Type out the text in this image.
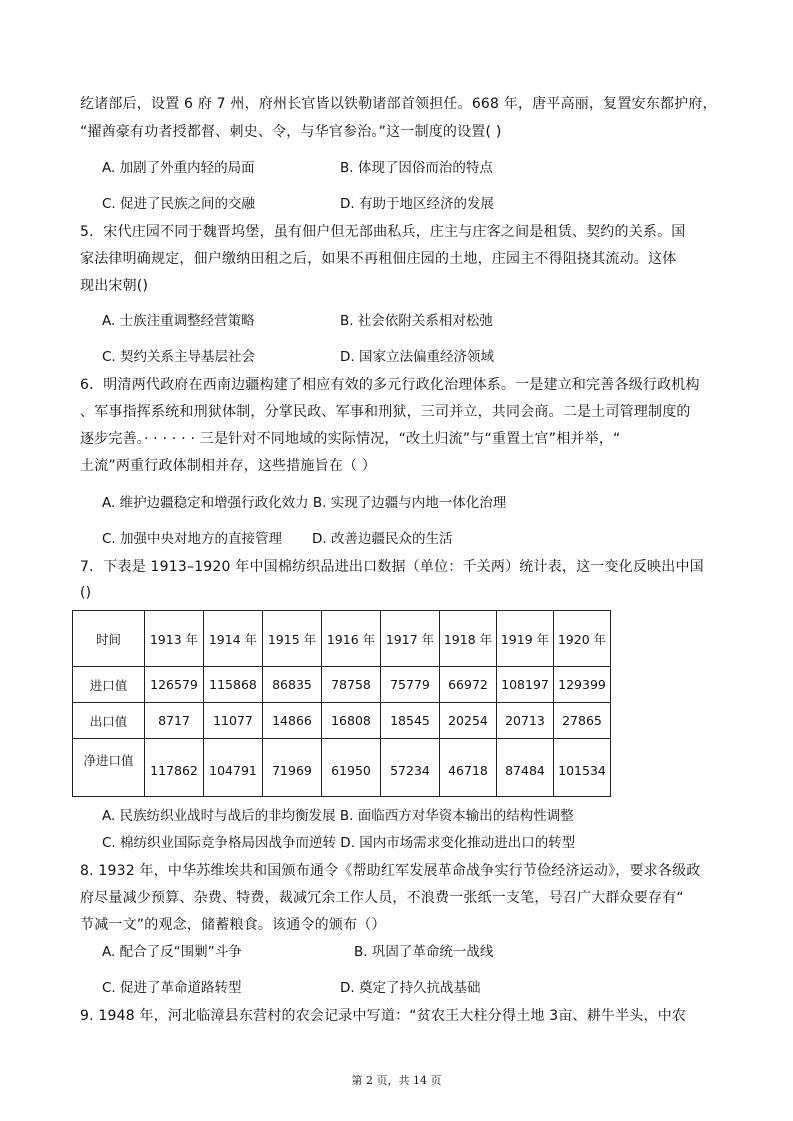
纥诸部后，设置 6 府 7 州，府州长官皆以铁勒诸部首领担任。668 年，唐平高丽，复置安东都护府，
“擢酋豪有功者授都督、刺史、令，与华官参治。”这一制度的设置( )
A. 加剧了外重内轻的局面	B. 体现了因俗而治的特点
C. 促进了民族之间的交融	D. 有助于地区经济的发展
5．宋代庄园不同于魏晋坞堡，虽有佃户但无部曲私兵，庄主与庄客之间是租赁、契约的关系。国
家法律明确规定，佃户缴纳田租之后，如果不再租佃庄园的土地，庄园主不得阻挠其流动。这体
现出宋朝()
A. 士族注重调整经营策略	B. 社会依附关系相对松弛
C. 契约关系主导基层社会	D. 国家立法偏重经济领域
6．明清两代政府在西南边疆构建了相应有效的多元行政化治理体系。一是建立和完善各级行政机构
、军事指挥系统和刑狱体制，分掌民政、军事和刑狱，三司并立，共同会商。二是土司管理制度的
逐步完善。· · · · · · 三是针对不同地域的实际情况，“改土归流”与“重置土官”相并举，“
土流”两重行政体制相并存，这些措施旨在（ ）
A. 维护边疆稳定和增强行政化效力 B. 实现了边疆与内地一体化治理
C. 加强中央对地方的直接管理 D. 改善边疆民众的生活
7．下表是 1913–1920 年中国棉纺织品进出口数据（单位：千关两）统计表，这一变化反映出中国
()
时间	1913 年	1914 年	1915 年	1916 年	1917 年	1918 年	1919 年	1920 年
进口值	126579	115868	86835	78758	75779	66972	108197	129399
出口值	8717	11077	14866	16808	18545	20254	20713	27865
净进口值	117862	104791	71969	61950	57234	46718	87484	101534
A. 民族纺织业战时与战后的非均衡发展 B. 面临西方对华资本输出的结构性调整
C. 棉纺织业国际竞争格局因战争而逆转 D. 国内市场需求变化推动进出口的转型
8. 1932 年，中华苏维埃共和国颁布通令《帮助红军发展革命战争实行节俭经济运动》，要求各级政
府尽量减少预算、杂费、特费，裁减冗余工作人员，不浪费一张纸一支笔，号召广大群众要存有“
节减一文”的观念，储蓄粮食。该通令的颁布（）
A. 配合了反“围剿”斗争	B. 巩固了革命统一战线
C. 促进了革命道路转型	D. 奠定了持久抗战基础
9. 1948 年，河北临漳县东营村的农会记录中写道：“贫农王大柱分得土地 3亩、耕牛半头，中农
第 2 页，共 14 页
